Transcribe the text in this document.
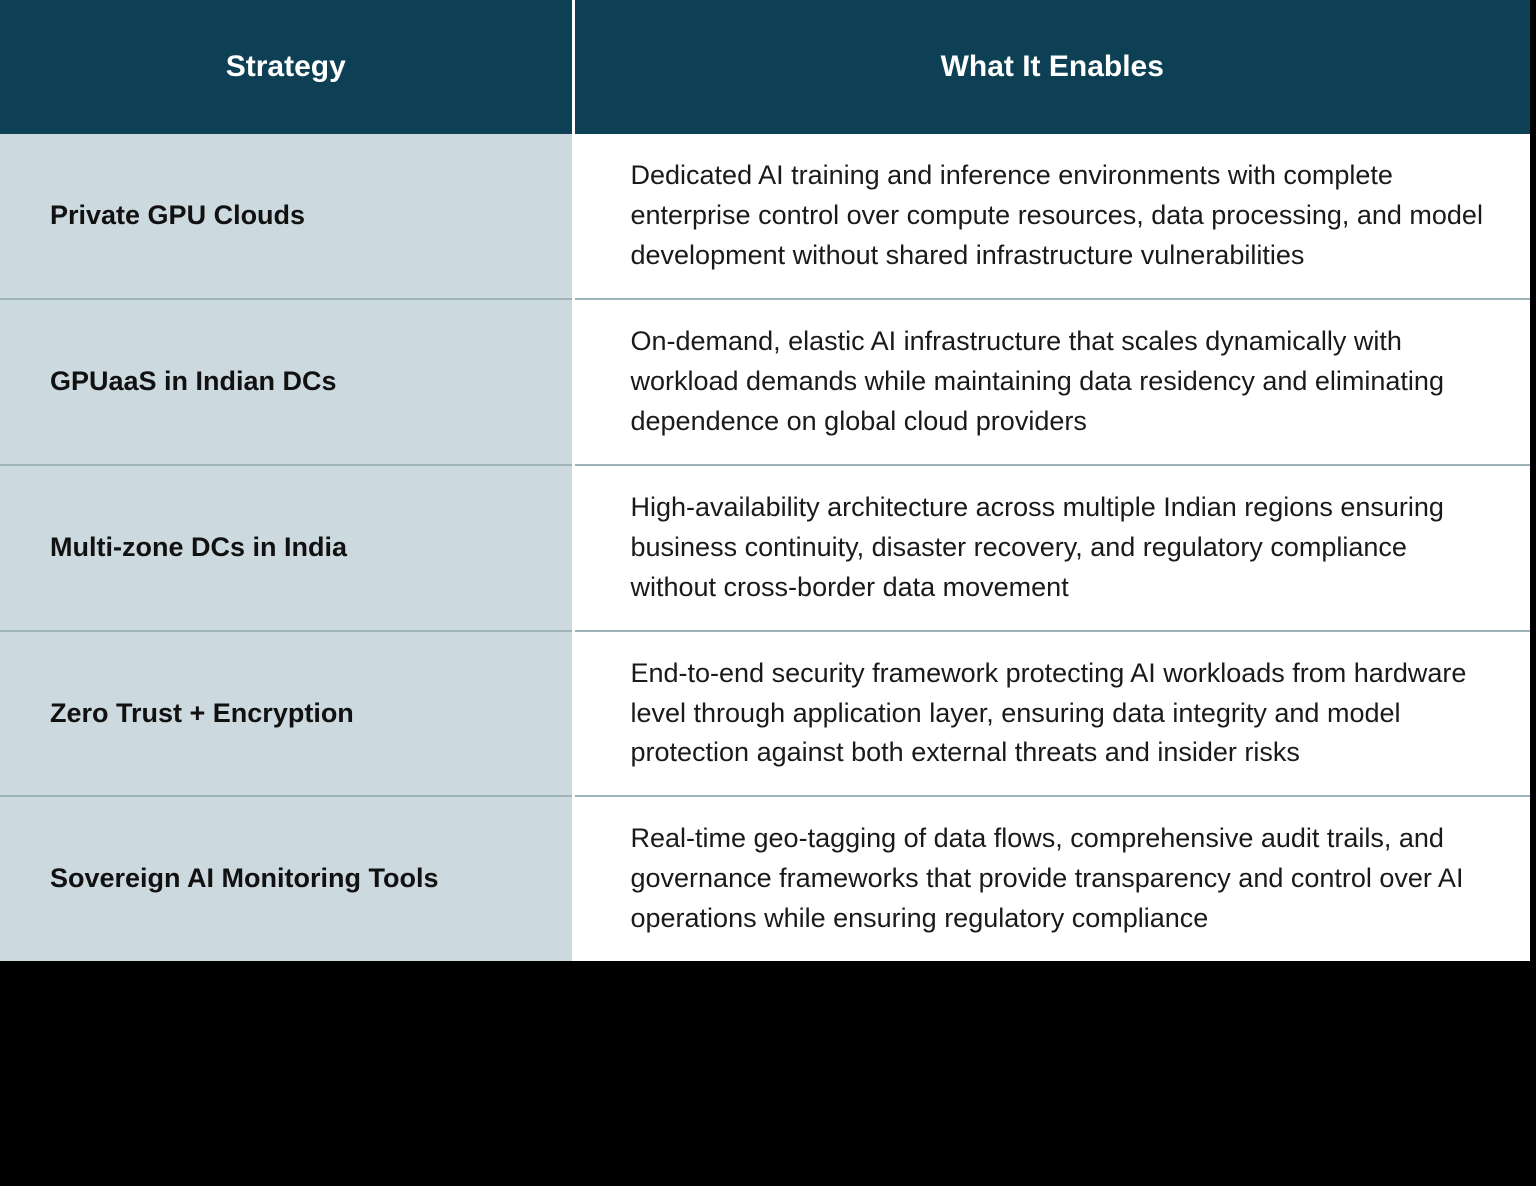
Strategy	What It Enables
Private GPU Clouds	Dedicated AI training and inference environments with complete enterprise control over compute resources, data processing, and model development without shared infrastructure vulnerabilities
GPUaaS in Indian DCs	On-demand, elastic AI infrastructure that scales dynamically with workload demands while maintaining data residency and eliminating dependence on global cloud providers
Multi-zone DCs in India	High-availability architecture across multiple Indian regions ensuring business continuity, disaster recovery, and regulatory compliance without cross-border data movement
Zero Trust + Encryption	End-to-end security framework protecting AI workloads from hardware level through application layer, ensuring data integrity and model protection against both external threats and insider risks
Sovereign AI Monitoring Tools	Real-time geo-tagging of data flows, comprehensive audit trails, and governance frameworks that provide transparency and control over AI operations while ensuring regulatory compliance
